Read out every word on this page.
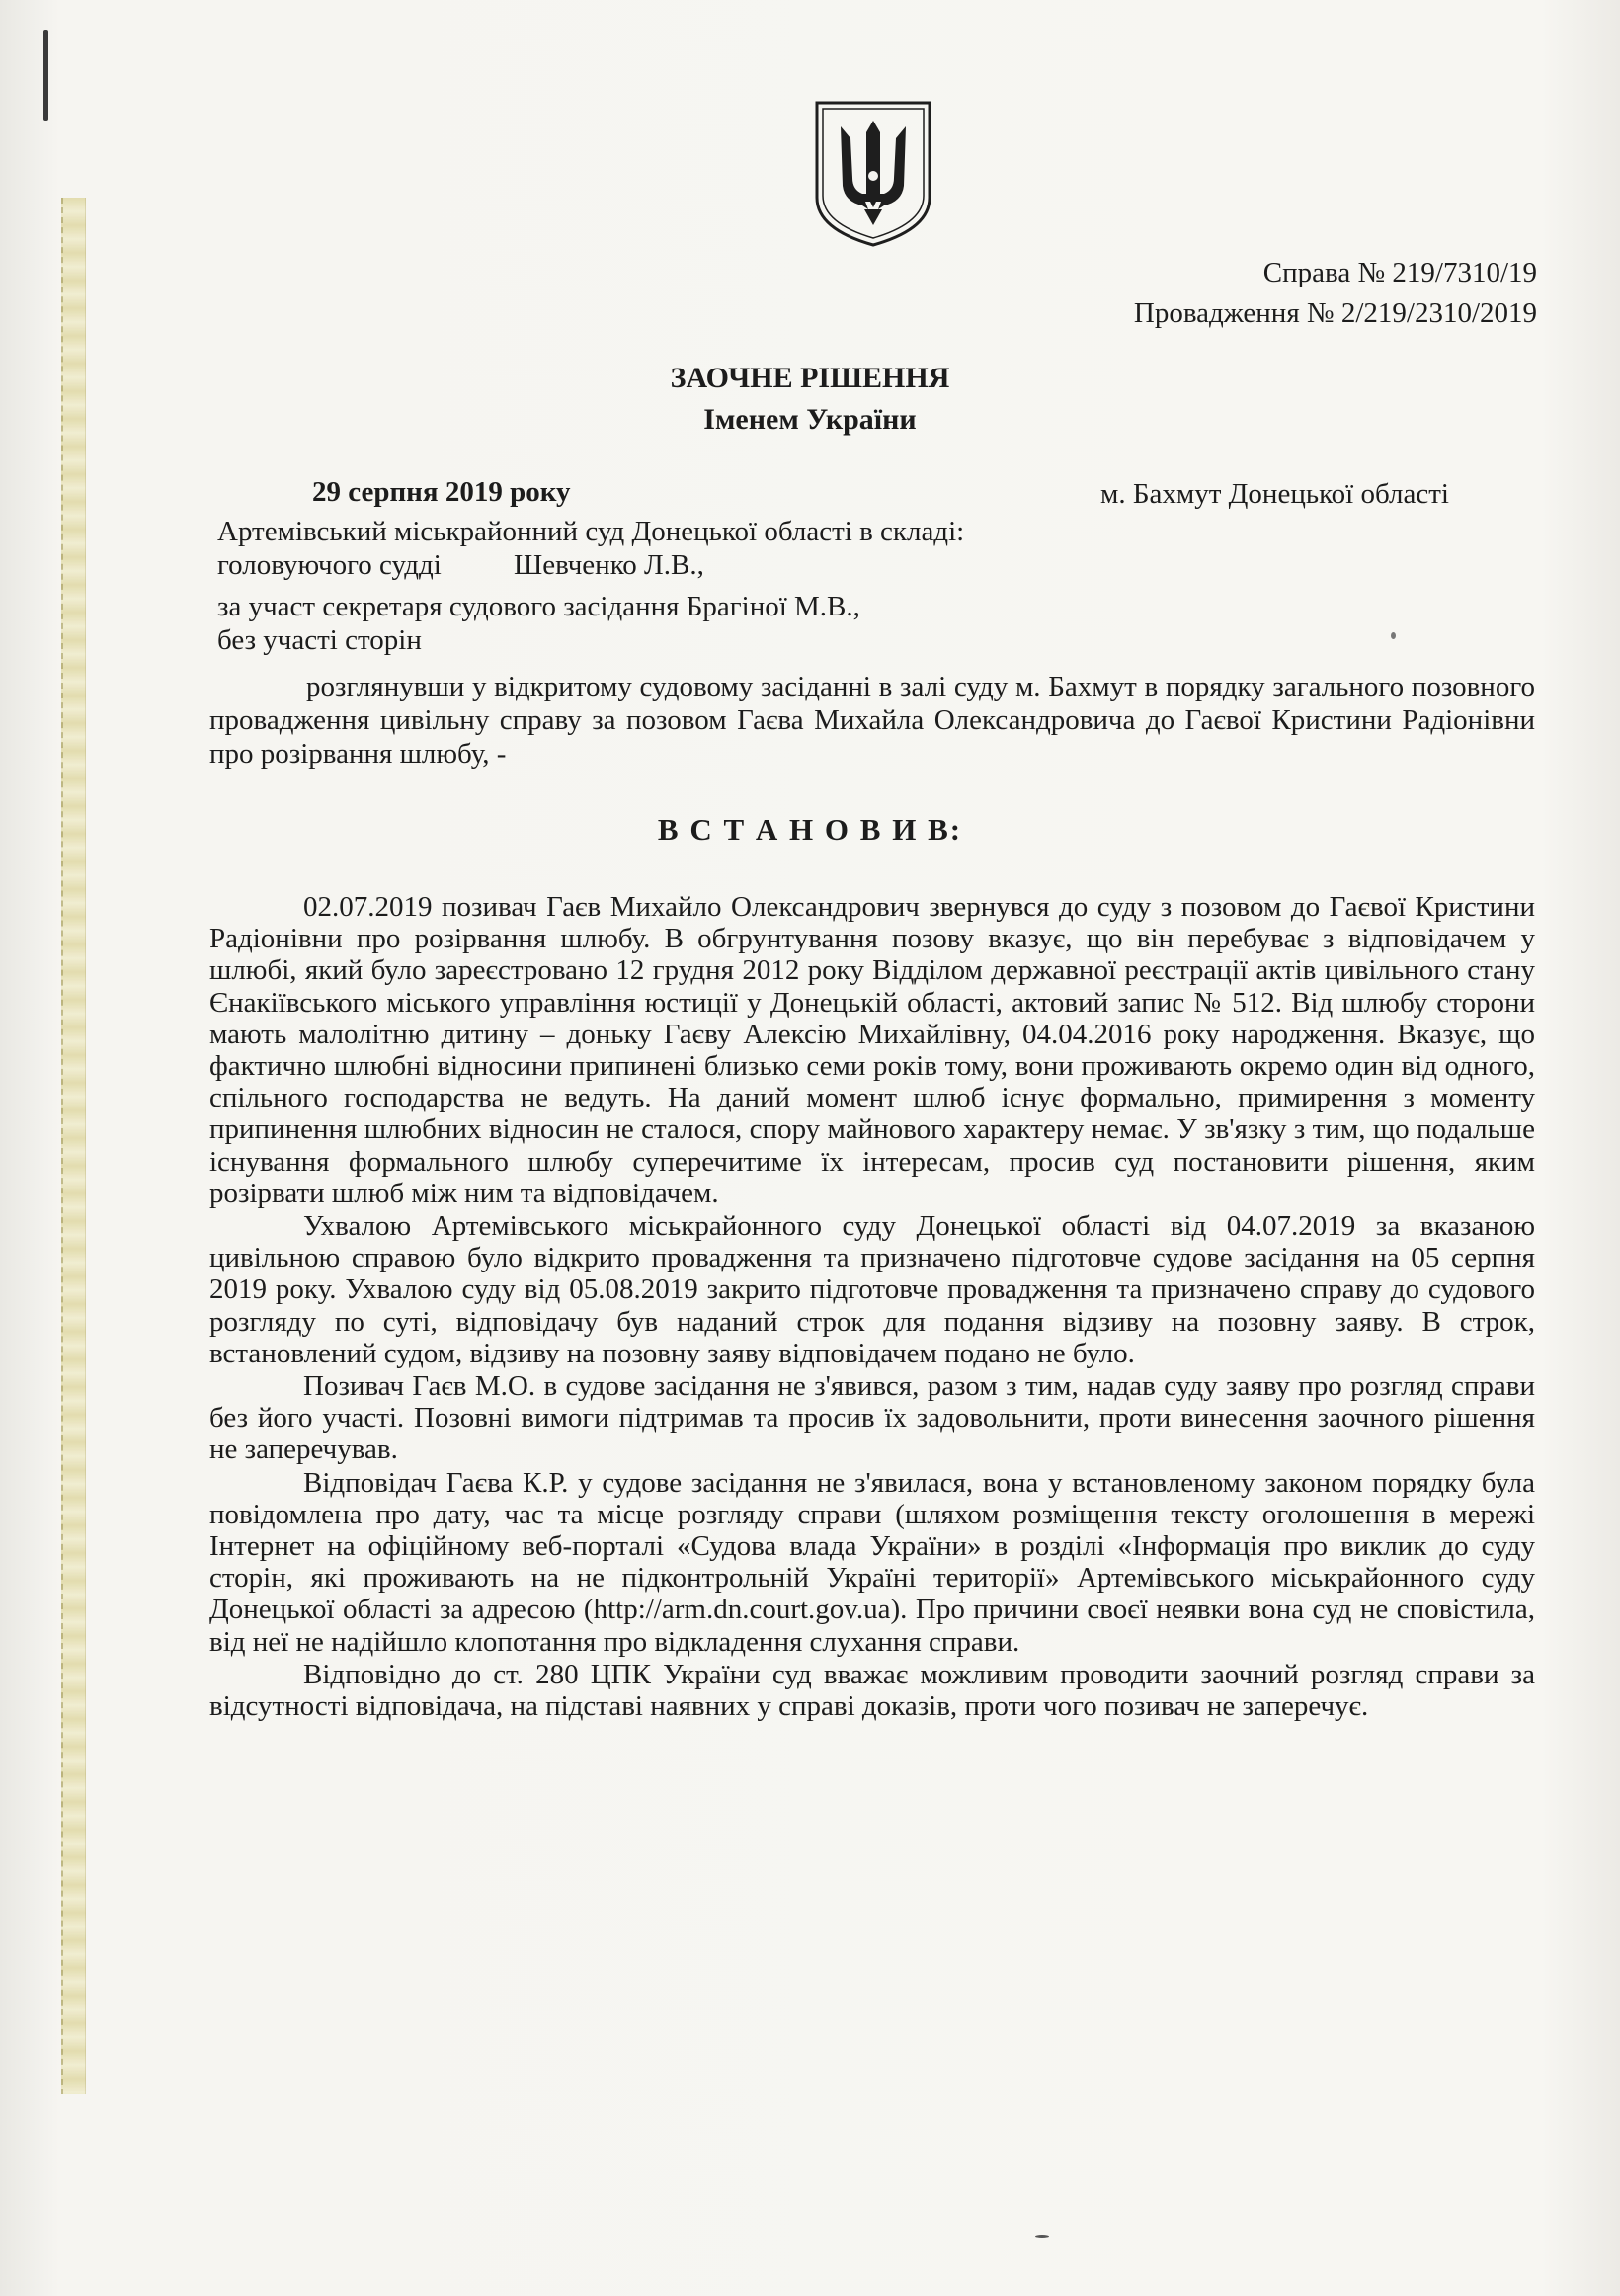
Справа № 219/7310/19
Провадження № 2/219/2310/2019
ЗАОЧНЕ РІШЕННЯ
Іменем України
29 серпня 2019 року	м. Бахмут Донецької області
Артемівський міськрайонний суд Донецької області в складі:
головуючого судді	Шевченко Л.В.,
за участ секретаря судового засідання Брагіної М.В.,
без участі сторін

розглянувши у відкритому судовому засіданні в залі суду м. Бахмут в порядку загального позовного провадження цивільну справу за позовом Гаєва Михайла Олександровича до Гаєвої Кристини Радіонівни про розірвання шлюбу, -

В С Т А Н О В И В:

02.07.2019 позивач Гаєв Михайло Олександрович звернувся до суду з позовом до Гаєвої Кристини Радіонівни про розірвання шлюбу. В обгрунтування позову вказує, що він перебуває з відповідачем у шлюбі, який було зареєстровано 12 грудня 2012 року Відділом державної реєстрації актів цивільного стану Єнакіївського міського управління юстиції у Донецькій області, актовий запис № 512. Від шлюбу сторони мають малолітню дитину – доньку Гаєву Алексію Михайлівну, 04.04.2016 року народження. Вказує, що фактично шлюбні відносини припинені близько семи років тому, вони проживають окремо один від одного, спільного господарства не ведуть. На даний момент шлюб існує формально, примирення з моменту припинення шлюбних відносин не сталося, спору майнового характеру немає. У зв'язку з тим, що подальше існування формального шлюбу суперечитиме їх інтересам, просив суд постановити рішення, яким розірвати шлюб між ним та відповідачем.

Ухвалою Артемівського міськрайонного суду Донецької області від 04.07.2019 за вказаною цивільною справою було відкрито провадження та призначено підготовче судове засідання на 05 серпня 2019 року. Ухвалою суду від 05.08.2019 закрито підготовче провадження та призначено справу до судового розгляду по суті, відповідачу був наданий строк для подання відзиву на позовну заяву. В строк, встановлений судом, відзиву на позовну заяву відповідачем подано не було.

Позивач Гаєв М.О. в судове засідання не з'явився, разом з тим, надав суду заяву про розгляд справи без його участі. Позовні вимоги підтримав та просив їх задовольнити, проти винесення заочного рішення не заперечував.

Відповідач Гаєва К.Р. у судове засідання не з'явилася, вона у встановленому законом порядку була повідомлена про дату, час та місце розгляду справи (шляхом розміщення тексту оголошення в мережі Інтернет на офіційному веб-порталі «Судова влада України» в розділі «Інформація про виклик до суду сторін, які проживають на не підконтрольній Україні території» Артемівського міськрайонного суду Донецької області за адресою (http://arm.dn.court.gov.ua). Про причини своєї неявки вона суд не сповістила, від неї не надійшло клопотання про відкладення слухання справи.

Відповідно до ст. 280 ЦПК України суд вважає можливим проводити заочний розгляд справи за відсутності відповідача, на підставі наявних у справі доказів, проти чого позивач не заперечує.
